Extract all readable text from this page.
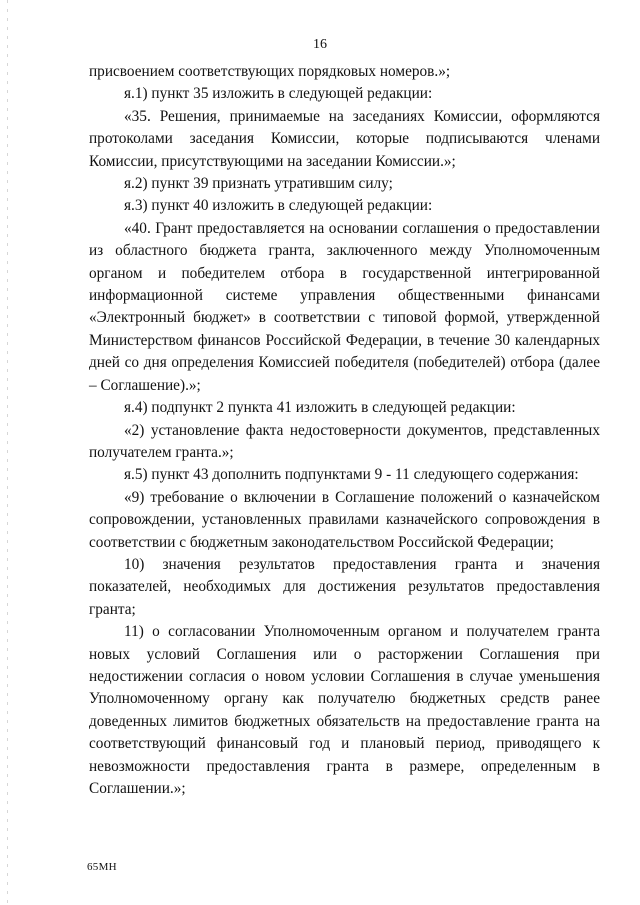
16

присвоением соответствующих порядковых номеров.»;

я.1) пункт 35 изложить в следующей редакции:

«35. Решения, принимаемые на заседаниях Комиссии, оформляются протоколами заседания Комиссии, которые подписываются членами Комиссии, присутствующими на заседании Комиссии.»;

я.2) пункт 39 признать утратившим силу;

я.3) пункт 40 изложить в следующей редакции:

«40. Грант предоставляется на основании соглашения о предоставлении из областного бюджета гранта, заключенного между Уполномоченным органом и победителем отбора в государственной интегрированной информационной системе управления общественными финансами «Электронный бюджет» в соответствии с типовой формой, утвержденной Министерством финансов Российской Федерации, в течение 30 календарных дней со дня определения Комиссией победителя (победителей) отбора (далее – Соглашение).»;

я.4) подпункт 2 пункта 41 изложить в следующей редакции:

«2) установление факта недостоверности документов, представленных получателем гранта.»;

я.5) пункт 43 дополнить подпунктами 9 - 11 следующего содержания:

«9) требование о включении в Соглашение положений о казначейском сопровождении, установленных правилами казначейского сопровождения в соответствии с бюджетным законодательством Российской Федерации;

10) значения результатов предоставления гранта и значения показателей, необходимых для достижения результатов предоставления гранта;

11) о согласовании Уполномоченным органом и получателем гранта новых условий Соглашения или о расторжении Соглашения при недостижении согласия о новом условии Соглашения в случае уменьшения Уполномоченному органу как получателю бюджетных средств ранее доведенных лимитов бюджетных обязательств на предоставление гранта на соответствующий финансовый год и плановый период, приводящего к невозможности предоставления гранта в размере, определенным в Соглашении.»;

65МН
